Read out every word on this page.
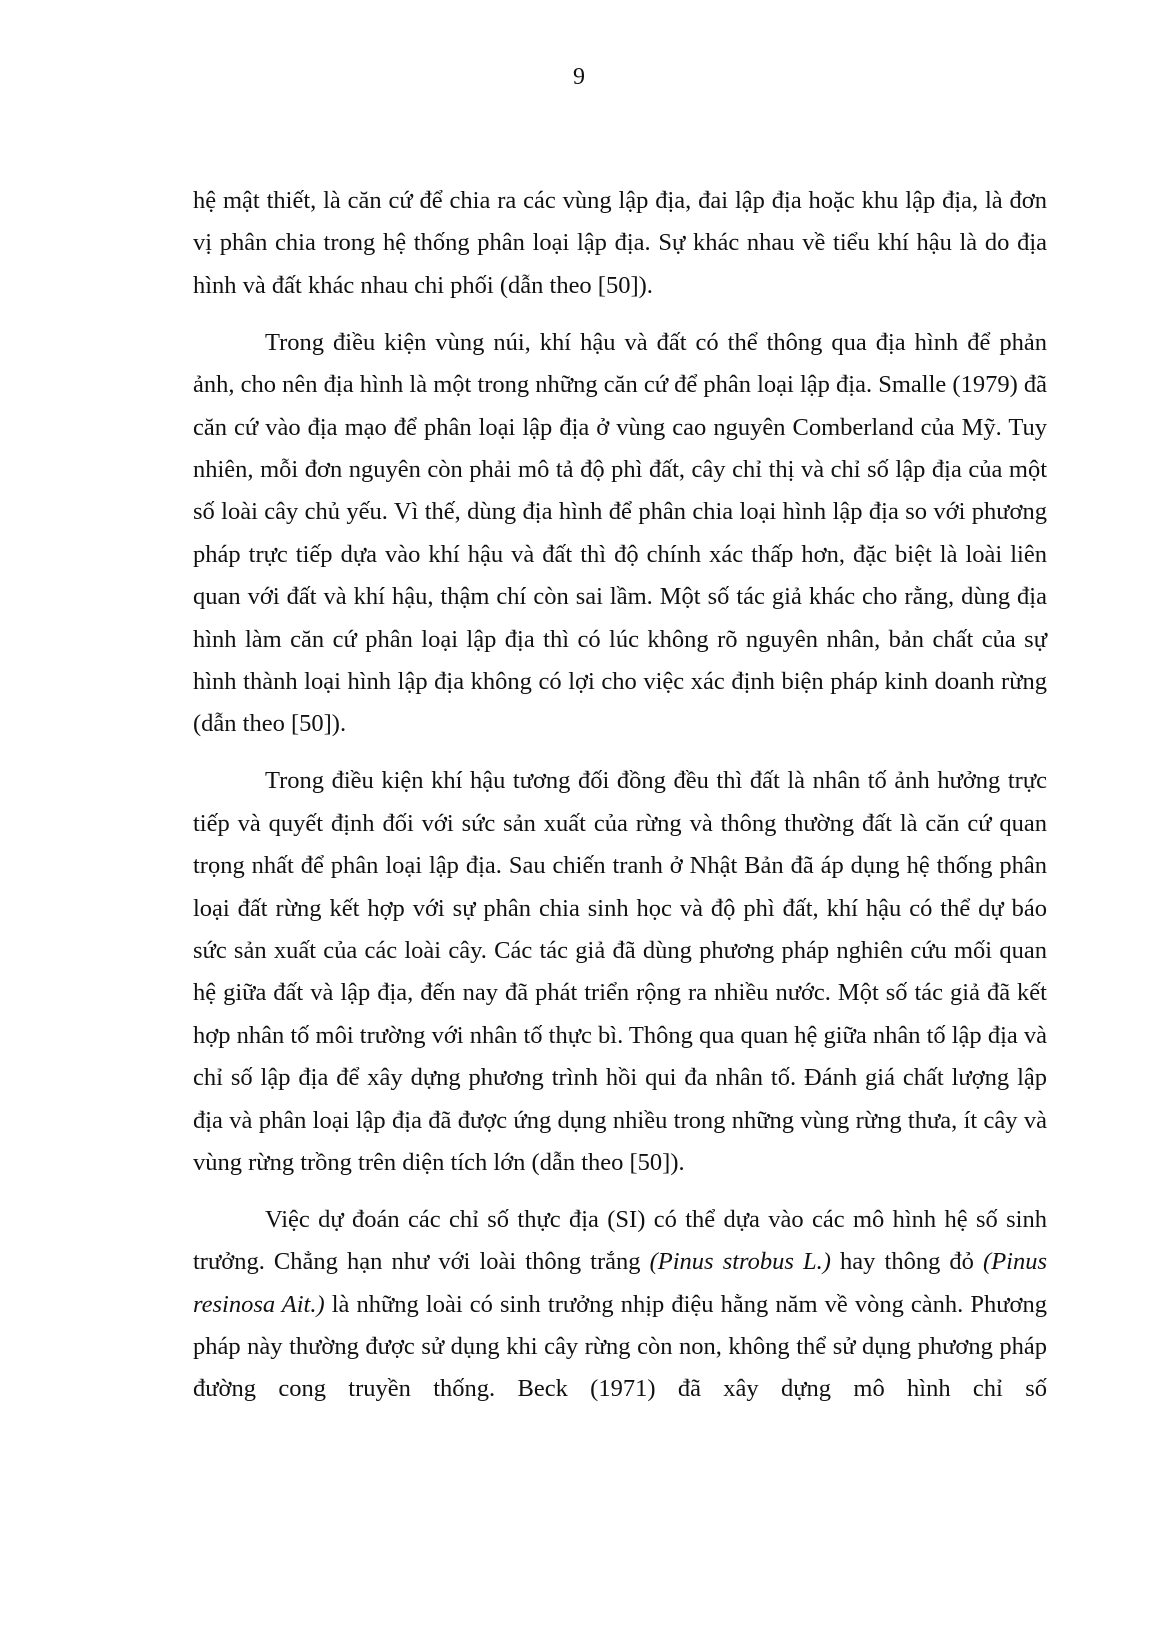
9

hệ mật thiết, là căn cứ để chia ra các vùng lập địa, đai lập địa hoặc khu lập địa, là đơn vị phân chia trong hệ thống phân loại lập địa. Sự khác nhau về tiểu khí hậu là do địa hình và đất khác nhau chi phối (dẫn theo [50]).

Trong điều kiện vùng núi, khí hậu và đất có thể thông qua địa hình để phản ảnh, cho nên địa hình là một trong những căn cứ để phân loại lập địa. Smalle (1979) đã căn cứ vào địa mạo để phân loại lập địa ở vùng cao nguyên Comberland của Mỹ. Tuy nhiên, mỗi đơn nguyên còn phải mô tả độ phì đất, cây chỉ thị và chỉ số lập địa của một số loài cây chủ yếu. Vì thế, dùng địa hình để phân chia loại hình lập địa so với phương pháp trực tiếp dựa vào khí hậu và đất thì độ chính xác thấp hơn, đặc biệt là loài liên quan với đất và khí hậu, thậm chí còn sai lầm. Một số tác giả khác cho rằng, dùng địa hình làm căn cứ phân loại lập địa thì có lúc không rõ nguyên nhân, bản chất của sự hình thành loại hình lập địa không có lợi cho việc xác định biện pháp kinh doanh rừng (dẫn theo [50]).

Trong điều kiện khí hậu tương đối đồng đều thì đất là nhân tố ảnh hưởng trực tiếp và quyết định đối với sức sản xuất của rừng và thông thường đất là căn cứ quan trọng nhất để phân loại lập địa. Sau chiến tranh ở Nhật Bản đã áp dụng hệ thống phân loại đất rừng kết hợp với sự phân chia sinh học và độ phì đất, khí hậu có thể dự báo sức sản xuất của các loài cây. Các tác giả đã dùng phương pháp nghiên cứu mối quan hệ giữa đất và lập địa, đến nay đã phát triển rộng ra nhiều nước. Một số tác giả đã kết hợp nhân tố môi trường với nhân tố thực bì. Thông qua quan hệ giữa nhân tố lập địa và chỉ số lập địa để xây dựng phương trình hồi qui đa nhân tố. Đánh giá chất lượng lập địa và phân loại lập địa đã được ứng dụng nhiều trong những vùng rừng thưa, ít cây và vùng rừng trồng trên diện tích lớn (dẫn theo [50]).

Việc dự đoán các chỉ số thực địa (SI) có thể dựa vào các mô hình hệ số sinh trưởng. Chẳng hạn như với loài thông trắng (Pinus strobus L.) hay thông đỏ (Pinus resinosa Ait.) là những loài có sinh trưởng nhịp điệu hằng năm về vòng cành. Phương pháp này thường được sử dụng khi cây rừng còn non, không thể sử dụng phương pháp đường cong truyền thống. Beck (1971) đã xây dựng mô hình chỉ số
